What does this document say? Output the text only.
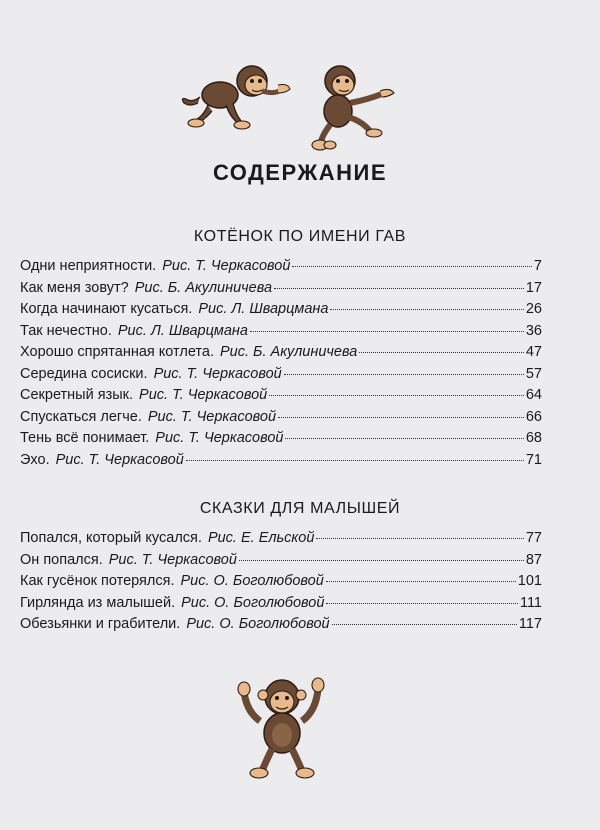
СОДЕРЖАНИЕ
КОТЁНОК ПО ИМЕНИ ГАВ
Одни неприятности. Рис. Т. Черкасовой	7
Как меня зовут? Рис. Б. Акулиничева	17
Когда начинают кусаться. Рис. Л. Шварцмана	26
Так нечестно. Рис. Л. Шварцмана	36
Хорошо спрятанная котлета. Рис. Б. Акулиничева	47
Середина сосиски. Рис. Т. Черкасовой	57
Секретный язык. Рис. Т. Черкасовой	64
Спускаться легче. Рис. Т. Черкасовой	66
Тень всё понимает. Рис. Т. Черкасовой	68
Эхо. Рис. Т. Черкасовой	71
СКАЗКИ ДЛЯ МАЛЫШЕЙ
Попался, который кусался. Рис. Е. Ельской	77
Он попался. Рис. Т. Черкасовой	87
Как гусёнок потерялся. Рис. О. Боголюбовой	101
Гирлянда из малышей. Рис. О. Боголюбовой	111
Обезьянки и грабители. Рис. О. Боголюбовой	117
